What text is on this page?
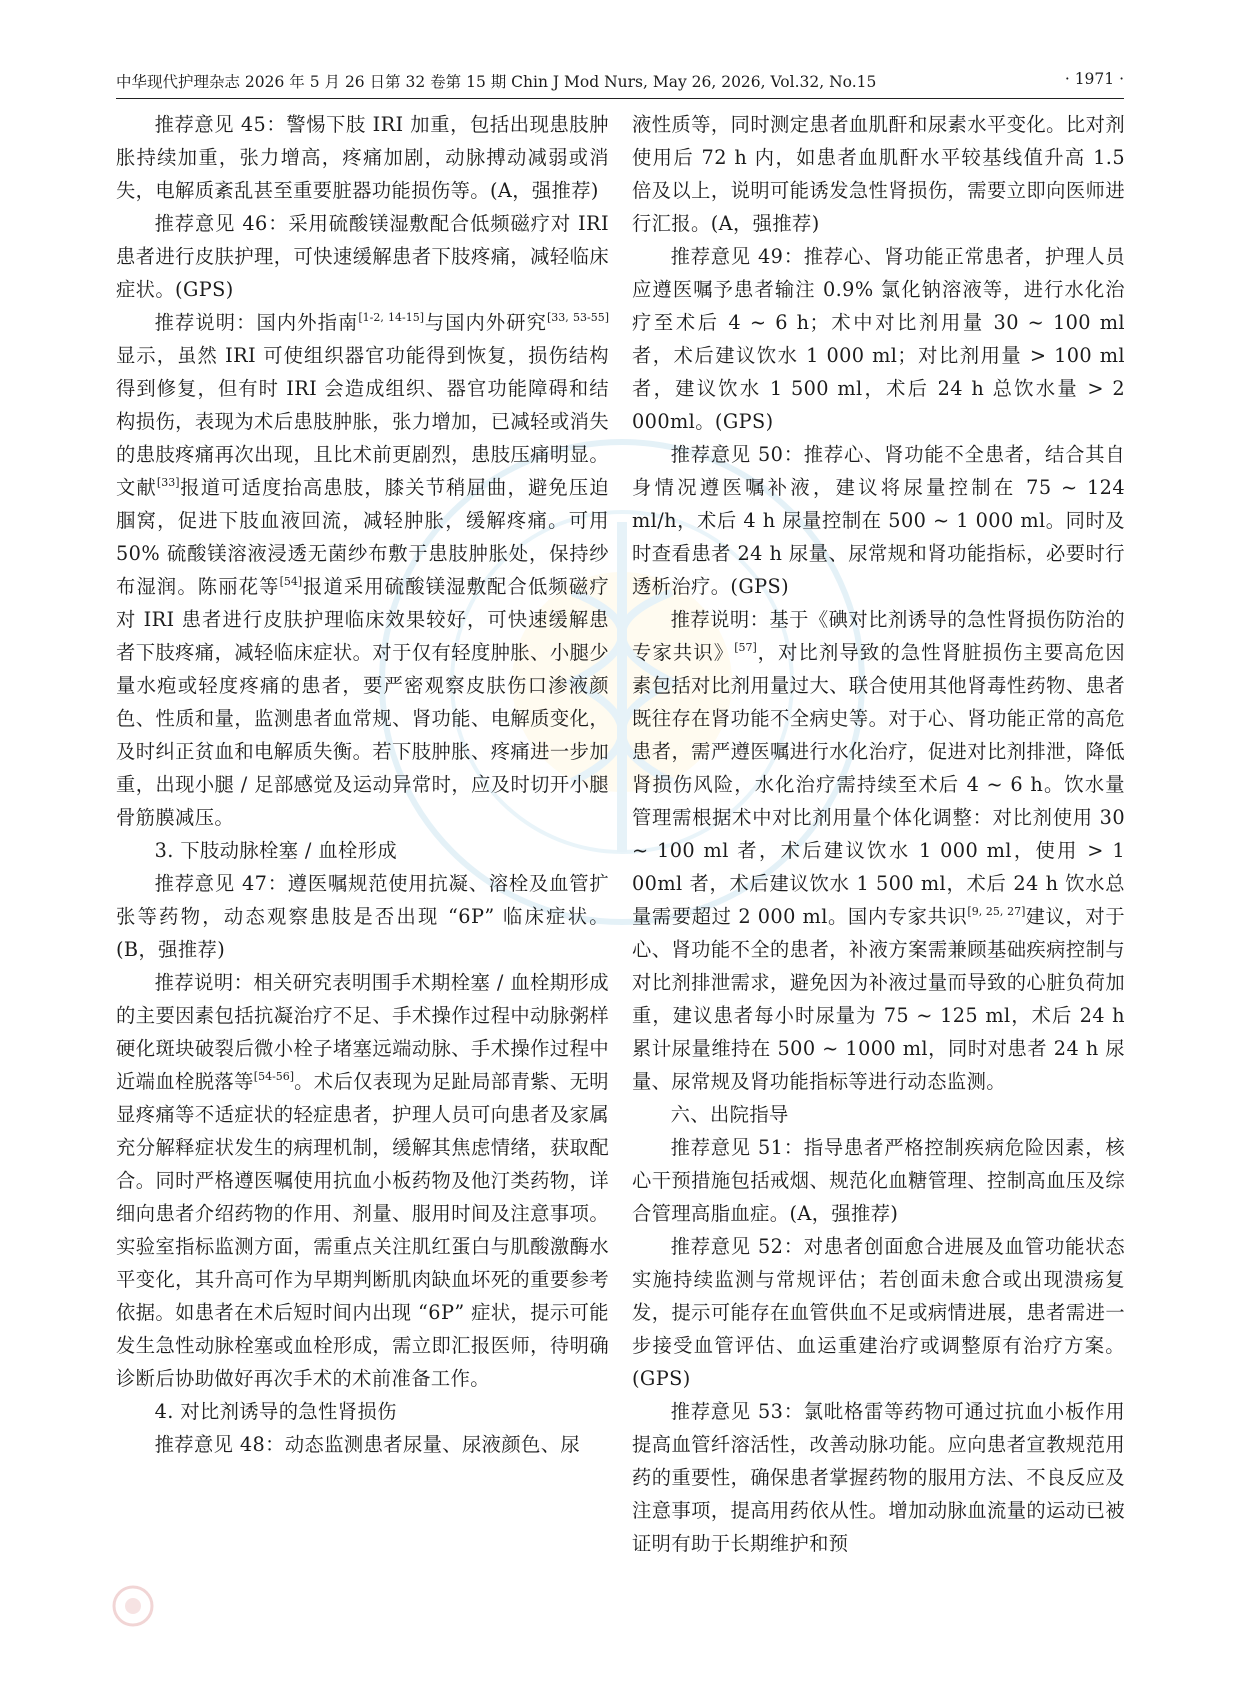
中华现代护理杂志 2026 年 5 月 26 日第 32 卷第 15 期 Chin J Mod Nurs, May 26, 2026, Vol.32, No.15	· 1971 ·

推荐意见 45：警惕下肢 IRI 加重，包括出现患肢肿胀持续加重，张力增高，疼痛加剧，动脉搏动减弱或消失，电解质紊乱甚至重要脏器功能损伤等。(A，强推荐)

推荐意见 46：采用硫酸镁湿敷配合低频磁疗对 IRI 患者进行皮肤护理，可快速缓解患者下肢疼痛，减轻临床症状。(GPS)

推荐说明：国内外指南[1-2, 14-15]与国内外研究[33, 53-55]显示，虽然 IRI 可使组织器官功能得到恢复，损伤结构得到修复，但有时 IRI 会造成组织、器官功能障碍和结构损伤，表现为术后患肢肿胀，张力增加，已减轻或消失的患肢疼痛再次出现，且比术前更剧烈，患肢压痛明显。文献[33]报道可适度抬高患肢，膝关节稍屈曲，避免压迫腘窝，促进下肢血液回流，减轻肿胀，缓解疼痛。可用 50% 硫酸镁溶液浸透无菌纱布敷于患肢肿胀处，保持纱布湿润。陈丽花等[54]报道采用硫酸镁湿敷配合低频磁疗对 IRI 患者进行皮肤护理临床效果较好，可快速缓解患者下肢疼痛，减轻临床症状。对于仅有轻度肿胀、小腿少量水疱或轻度疼痛的患者，要严密观察皮肤伤口渗液颜色、性质和量，监测患者血常规、肾功能、电解质变化，及时纠正贫血和电解质失衡。若下肢肿胀、疼痛进一步加重，出现小腿 / 足部感觉及运动异常时，应及时切开小腿骨筋膜减压。

3. 下肢动脉栓塞 / 血栓形成

推荐意见 47：遵医嘱规范使用抗凝、溶栓及血管扩张等药物，动态观察患肢是否出现 “6P” 临床症状。(B，强推荐)

推荐说明：相关研究表明围手术期栓塞 / 血栓期形成的主要因素包括抗凝治疗不足、手术操作过程中动脉粥样硬化斑块破裂后微小栓子堵塞远端动脉、手术操作过程中近端血栓脱落等[54-56]。术后仅表现为足趾局部青紫、无明显疼痛等不适症状的轻症患者，护理人员可向患者及家属充分解释症状发生的病理机制，缓解其焦虑情绪，获取配合。同时严格遵医嘱使用抗血小板药物及他汀类药物，详细向患者介绍药物的作用、剂量、服用时间及注意事项。实验室指标监测方面，需重点关注肌红蛋白与肌酸激酶水平变化，其升高可作为早期判断肌肉缺血坏死的重要参考依据。如患者在术后短时间内出现 “6P” 症状，提示可能发生急性动脉栓塞或血栓形成，需立即汇报医师，待明确诊断后协助做好再次手术的术前准备工作。

4. 对比剂诱导的急性肾损伤

推荐意见 48：动态监测患者尿量、尿液颜色、尿

液性质等，同时测定患者血肌酐和尿素水平变化。比对剂使用后 72 h 内，如患者血肌酐水平较基线值升高 1.5 倍及以上，说明可能诱发急性肾损伤，需要立即向医师进行汇报。(A，强推荐)

推荐意见 49：推荐心、肾功能正常患者，护理人员应遵医嘱予患者输注 0.9% 氯化钠溶液等，进行水化治疗至术后 4 ~ 6 h；术中对比剂用量 30 ~ 100 ml 者，术后建议饮水 1 000 ml；对比剂用量 > 100 ml 者，建议饮水 1 500 ml，术后 24 h 总饮水量 > 2 000ml。(GPS)

推荐意见 50：推荐心、肾功能不全患者，结合其自身情况遵医嘱补液，建议将尿量控制在 75 ~ 124 ml/h，术后 4 h 尿量控制在 500 ~ 1 000 ml。同时及时查看患者 24 h 尿量、尿常规和肾功能指标，必要时行透析治疗。(GPS)

推荐说明：基于《碘对比剂诱导的急性肾损伤防治的专家共识》[57]，对比剂导致的急性肾脏损伤主要高危因素包括对比剂用量过大、联合使用其他肾毒性药物、患者既往存在肾功能不全病史等。对于心、肾功能正常的高危患者，需严遵医嘱进行水化治疗，促进对比剂排泄，降低肾损伤风险，水化治疗需持续至术后 4 ~ 6 h。饮水量管理需根据术中对比剂用量个体化调整：对比剂使用 30 ~ 100 ml 者，术后建议饮水 1 000 ml，使用 > 1 00ml 者，术后建议饮水 1 500 ml，术后 24 h 饮水总量需要超过 2 000 ml。国内专家共识[9, 25, 27]建议，对于心、肾功能不全的患者，补液方案需兼顾基础疾病控制与对比剂排泄需求，避免因为补液过量而导致的心脏负荷加重，建议患者每小时尿量为 75 ~ 125 ml，术后 24 h 累计尿量维持在 500 ~ 1000 ml，同时对患者 24 h 尿量、尿常规及肾功能指标等进行动态监测。

六、出院指导

推荐意见 51：指导患者严格控制疾病危险因素，核心干预措施包括戒烟、规范化血糖管理、控制高血压及综合管理高脂血症。(A，强推荐)

推荐意见 52：对患者创面愈合进展及血管功能状态实施持续监测与常规评估；若创面未愈合或出现溃疡复发，提示可能存在血管供血不足或病情进展，患者需进一步接受血管评估、血运重建治疗或调整原有治疗方案。(GPS)

推荐意见 53：氯吡格雷等药物可通过抗血小板作用提高血管纤溶活性，改善动脉功能。应向患者宣教规范用药的重要性，确保患者掌握药物的服用方法、不良反应及注意事项，提高用药依从性。增加动脉血流量的运动已被证明有助于长期维护和预
